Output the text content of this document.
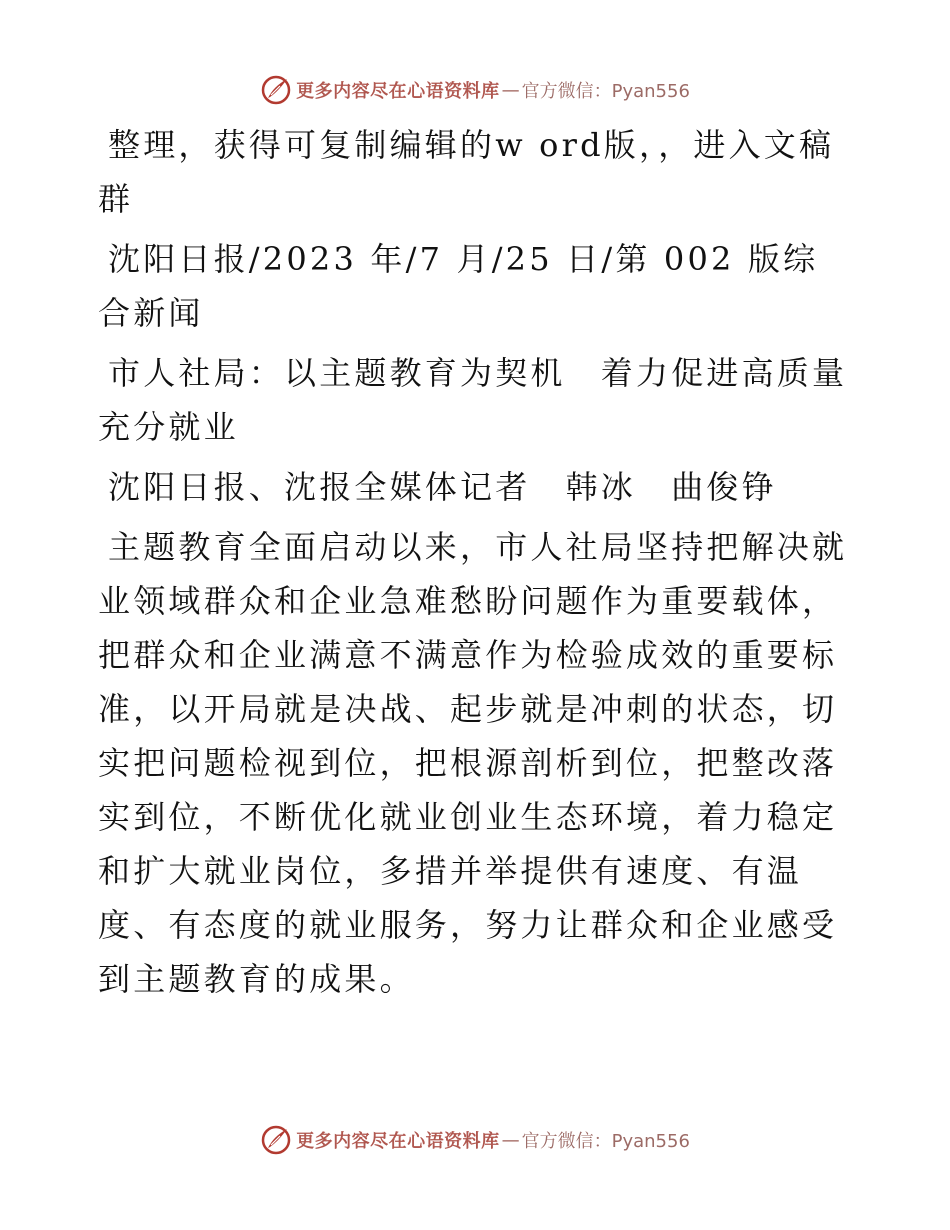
更多内容尽在心语资料库 — 官方微信：Pyan556

整理，获得可复制编辑的w ord版，，进入文稿群

沈阳日报/2023 年/7 月/25 日/第 002 版综合新闻

市人社局：以主题教育为契机　着力促进高质量充分就业

沈阳日报、沈报全媒体记者　韩冰　曲俊铮

主题教育全面启动以来，市人社局坚持把解决就业领域群众和企业急难愁盼问题作为重要载体，把群众和企业满意不满意作为检验成效的重要标准，以开局就是决战、起步就是冲刺的状态，切实把问题检视到位，把根源剖析到位，把整改落实到位，不断优化就业创业生态环境，着力稳定和扩大就业岗位，多措并举提供有速度、有温度、有态度的就业服务，努力让群众和企业感受到主题教育的成果。

更多内容尽在心语资料库 — 官方微信：Pyan556
